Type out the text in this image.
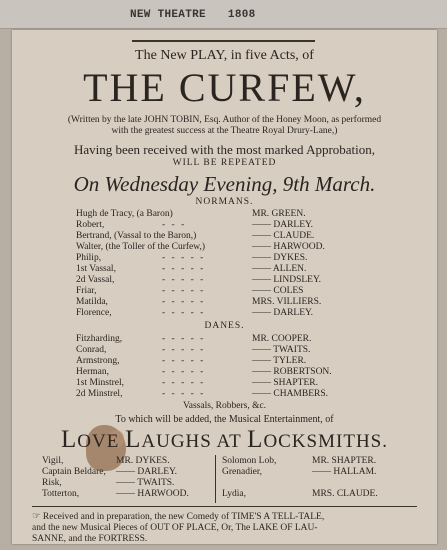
NEW THEATRE 1808
The New PLAY, in five Acts, of
THE CURFEW,
(Written by the late JOHN TOBIN, Esq. Author of the Honey Moon, as performed
with the greatest success at the Theatre Royal Drury-Lane,)
Having been received with the most marked Approbation,
WILL BE REPEATED
On Wednesday Evening, 9th March.
NORMANS.
Hugh de Tracy, (a Baron)	MR. GREEN.
Robert,	- - -	—— DARLEY.
Bertrand, (Vassal to the Baron,)	—— CLAUDE.
Walter, (the Toller of the Curfew,)	—— HARWOOD.
Philip,	- - - - -	—— DYKES.
1st Vassal,	- - - - -	—— ALLEN.
2d Vassal,	- - - - -	—— LINDSLEY.
Friar,	- - - - -	—— COLES
Matilda,	- - - - -	MRS. VILLIERS.
Florence,	- - - - -	—— DARLEY.
DANES.
Fitzharding,	- - - - -	MR. COOPER.
Conrad,	- - - - -	—— TWAITS.
Armstrong,	- - - - -	—— TYLER.
Herman,	- - - - -	—— ROBERTSON.
1st Minstrel,	- - - - -	—— SHAPTER.
2d Minstrel,	- - - - -	—— CHAMBERS.
Vassals, Robbers, &c.
To which will be added, the Musical Entertainment, of
LOVE LAUGHS AT LOCKSMITHS.
Vigil,	MR. DYKES.
Captain Beldare, —— DARLEY.
Risk,	—— TWAITS.
Totterton,	—— HARWOOD.
Solomon Lob,	MR. SHAPTER.
Grenadier,	—— HALLAM.
Lydia,	MRS. CLAUDE.
☞ Received and in preparation, the new Comedy of TIME'S A TELL-TALE,
and the new Musical Pieces of OUT OF PLACE, Or, The LAKE OF LAU-
SANNE, and the FORTRESS.
